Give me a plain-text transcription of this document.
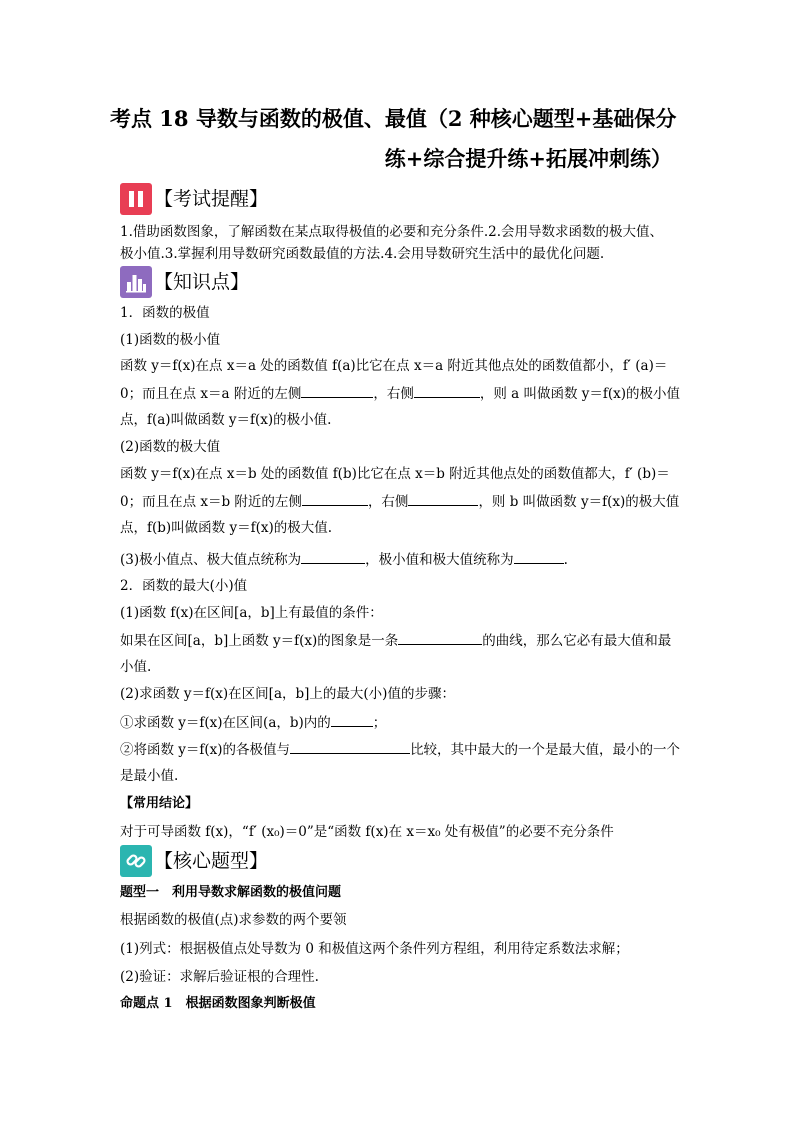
考点 18 导数与函数的极值、最值（2 种核心题型+基础保分
练+综合提升练+拓展冲刺练）
【考试提醒】
1.借助函数图象，了解函数在某点取得极值的必要和充分条件.2.会用导数求函数的极大值、
极小值.3.掌握利用导数研究函数最值的方法.4.会用导数研究生活中的最优化问题.
【知识点】
1．函数的极值
(1)函数的极小值
函数 y＝f(x)在点 x＝a 处的函数值 f(a)比它在点 x＝a 附近其他点处的函数值都小，f′ (a)＝
0；而且在点 x＝a 附近的左侧	，右侧	，则 a 叫做函数 y＝f(x)的极小值
点，f(a)叫做函数 y＝f(x)的极小值.
(2)函数的极大值
函数 y＝f(x)在点 x＝b 处的函数值 f(b)比它在点 x＝b 附近其他点处的函数值都大，f′ (b)＝
0；而且在点 x＝b 附近的左侧	，右侧	，则 b 叫做函数 y＝f(x)的极大值
点，f(b)叫做函数 y＝f(x)的极大值.
(3)极小值点、极大值点统称为	，极小值和极大值统称为	.
2．函数的最大(小)值
(1)函数 f(x)在区间[a，b]上有最值的条件：
如果在区间[a，b]上函数 y＝f(x)的图象是一条	的曲线，那么它必有最大值和最
小值.
(2)求函数 y＝f(x)在区间[a，b]上的最大(小)值的步骤：
①求函数 y＝f(x)在区间(a，b)内的	；
②将函数 y＝f(x)的各极值与	比较，其中最大的一个是最大值，最小的一个
是最小值.
【常用结论】
对于可导函数 f(x)，“f′ (x₀)＝0”是“函数 f(x)在 x＝x₀ 处有极值”的必要不充分条件
【核心题型】
题型一　利用导数求解函数的极值问题
根据函数的极值(点)求参数的两个要领
(1)列式：根据极值点处导数为 0 和极值这两个条件列方程组，利用待定系数法求解；
(2)验证：求解后验证根的合理性.
命题点 1　根据函数图象判断极值
